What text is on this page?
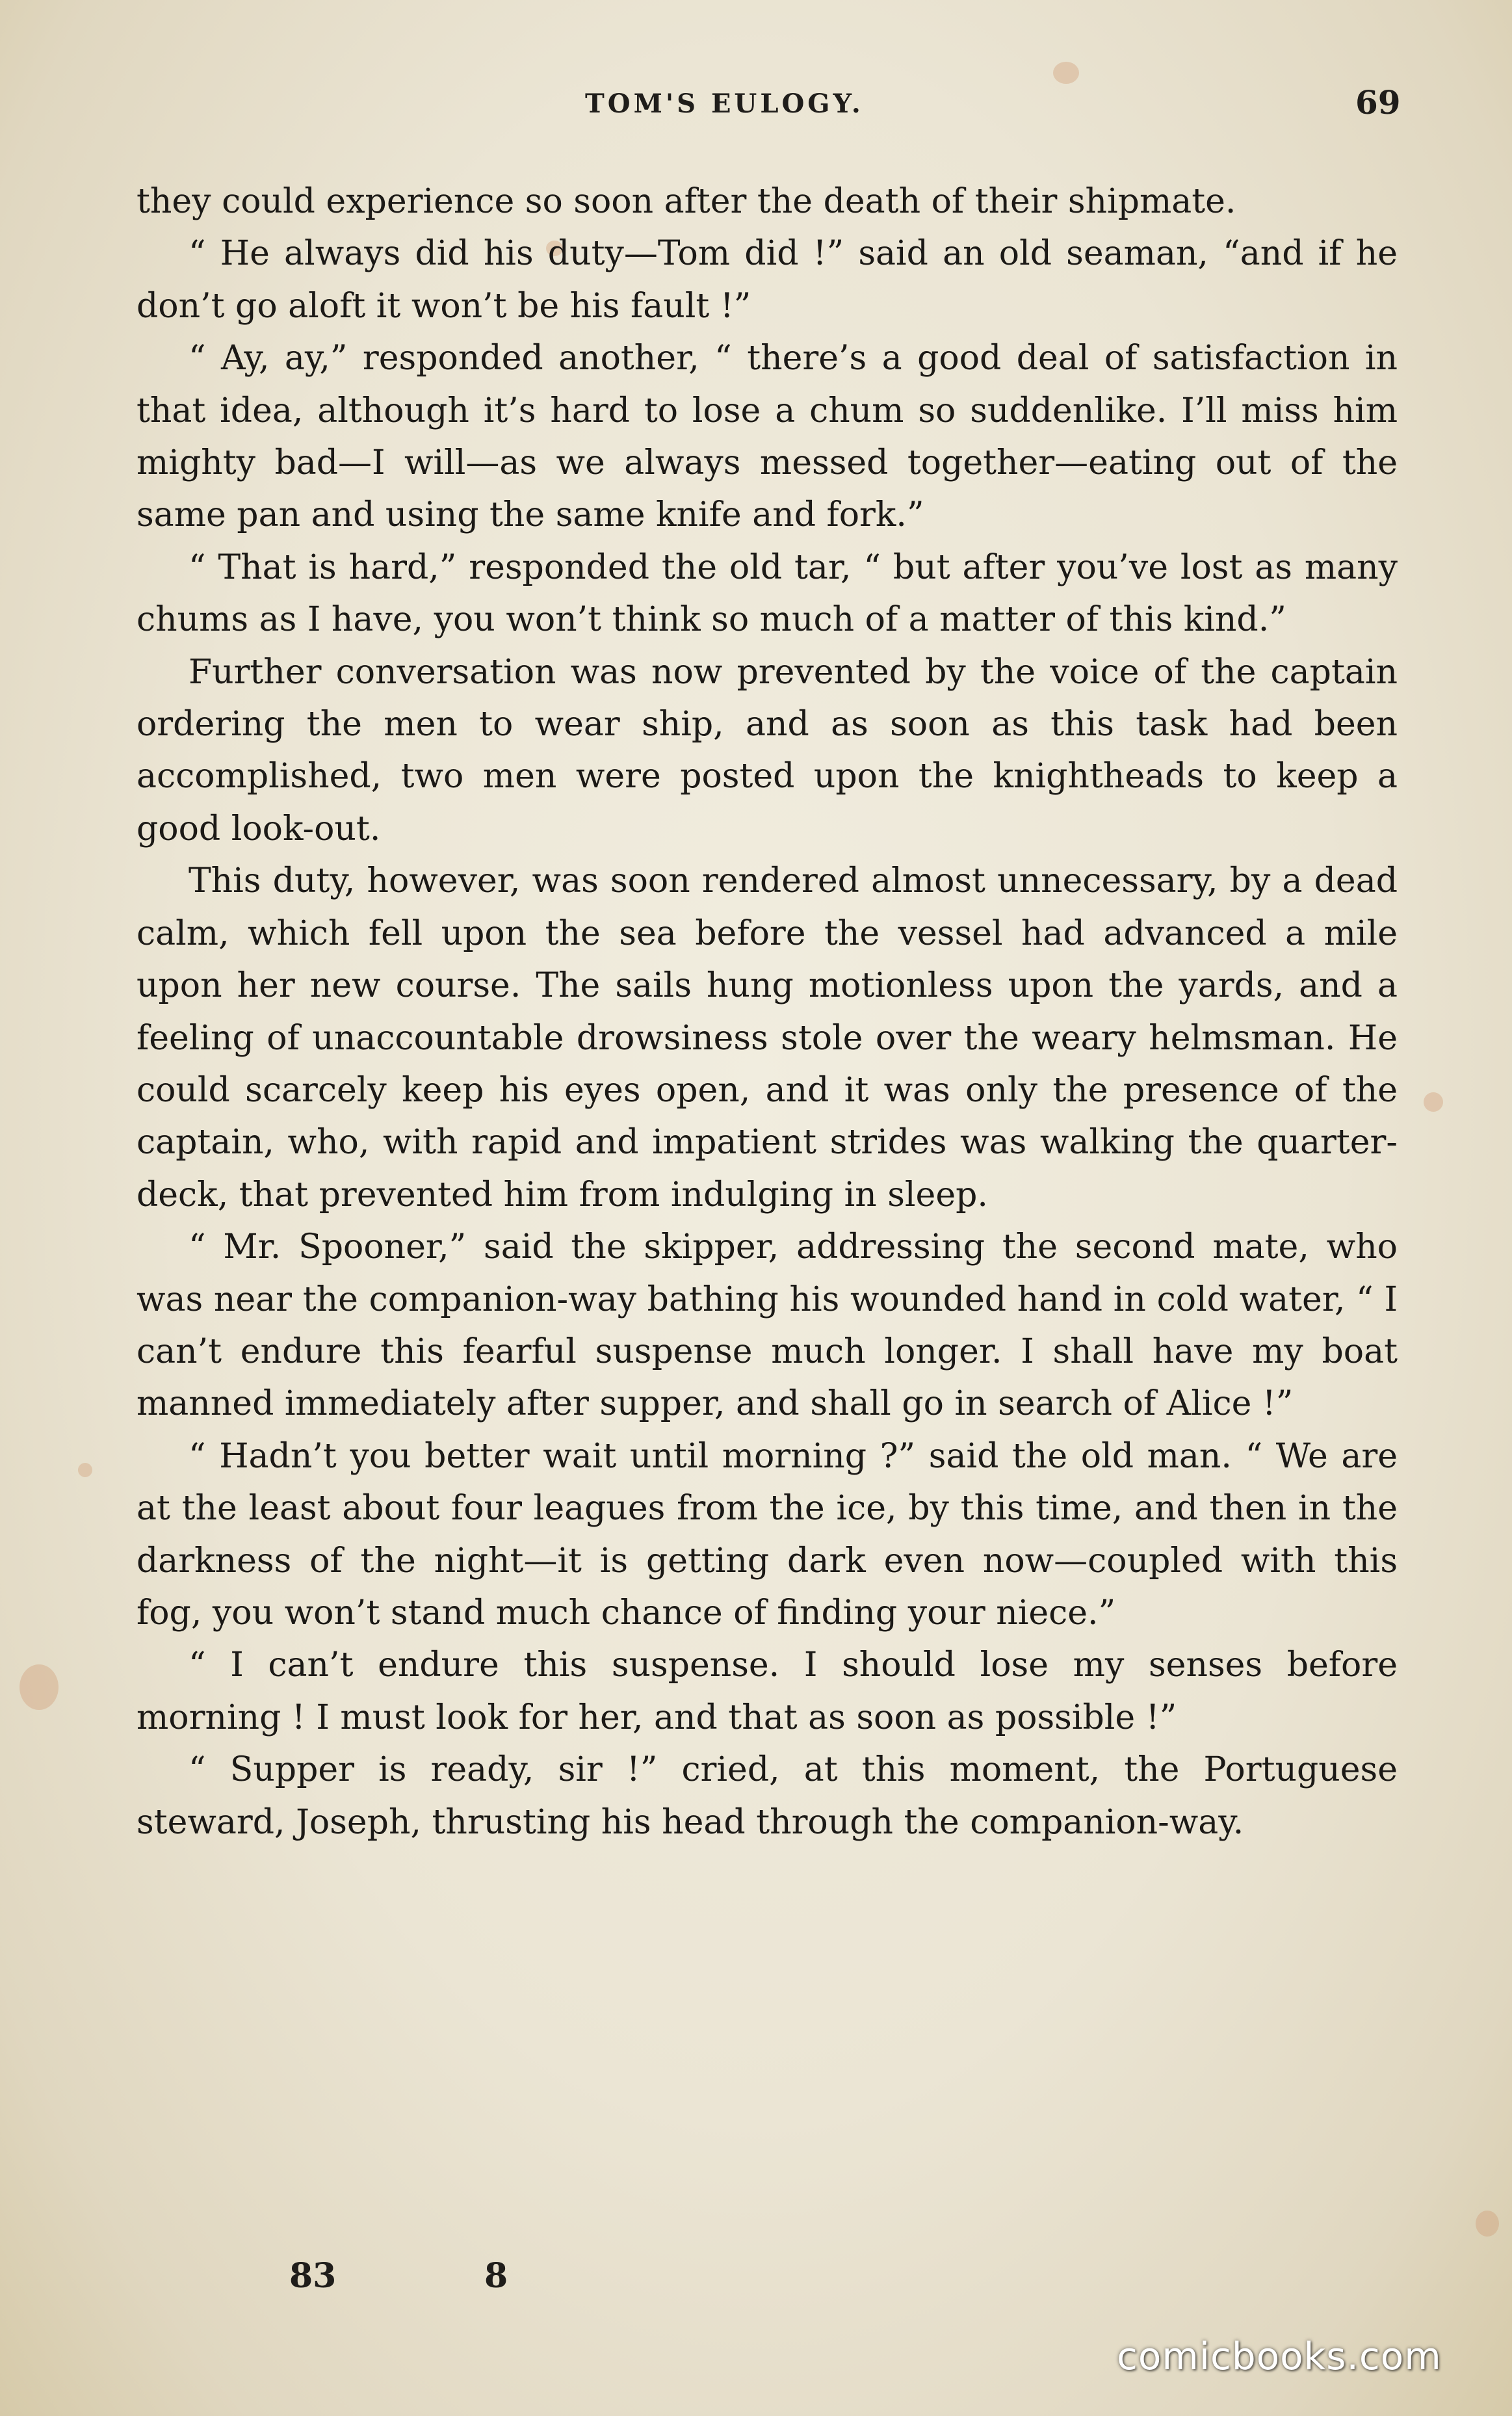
TOM'S EULOGY.	69

they could experience so soon after the death of their shipmate.

“ He always did his duty—Tom did !” said an old seaman, “and if he don’t go aloft it won’t be his fault !”

“ Ay, ay,” responded another, “ there’s a good deal of satisfaction in that idea, although it’s hard to lose a chum so suddenlike. I’ll miss him mighty bad—I will—as we always messed together—eating out of the same pan and using the same knife and fork.”

“ That is hard,” responded the old tar, “ but after you’ve lost as many chums as I have, you won’t think so much of a matter of this kind.”

Further conversation was now prevented by the voice of the captain ordering the men to wear ship, and as soon as this task had been accomplished, two men were posted upon the knightheads to keep a good look-out.

This duty, however, was soon rendered almost unnecessary, by a dead calm, which fell upon the sea before the vessel had advanced a mile upon her new course. The sails hung motionless upon the yards, and a feeling of unaccountable drowsiness stole over the weary helmsman. He could scarcely keep his eyes open, and it was only the presence of the captain, who, with rapid and impatient strides was walking the quarter-deck, that prevented him from indulging in sleep.

“ Mr. Spooner,” said the skipper, addressing the second mate, who was near the companion-way bathing his wounded hand in cold water, “ I can’t endure this fearful suspense much longer. I shall have my boat manned immediately after supper, and shall go in search of Alice !”

“ Hadn’t you better wait until morning ?” said the old man. “ We are at the least about four leagues from the ice, by this time, and then in the darkness of the night—it is getting dark even now—coupled with this fog, you won’t stand much chance of finding your niece.”

“ I can’t endure this suspense. I should lose my senses before morning ! I must look for her, and that as soon as possible !”

“ Supper is ready, sir !” cried, at this moment, the Portuguese steward, Joseph, thrusting his head through the companion-way.

83	8
comicbooks.com
